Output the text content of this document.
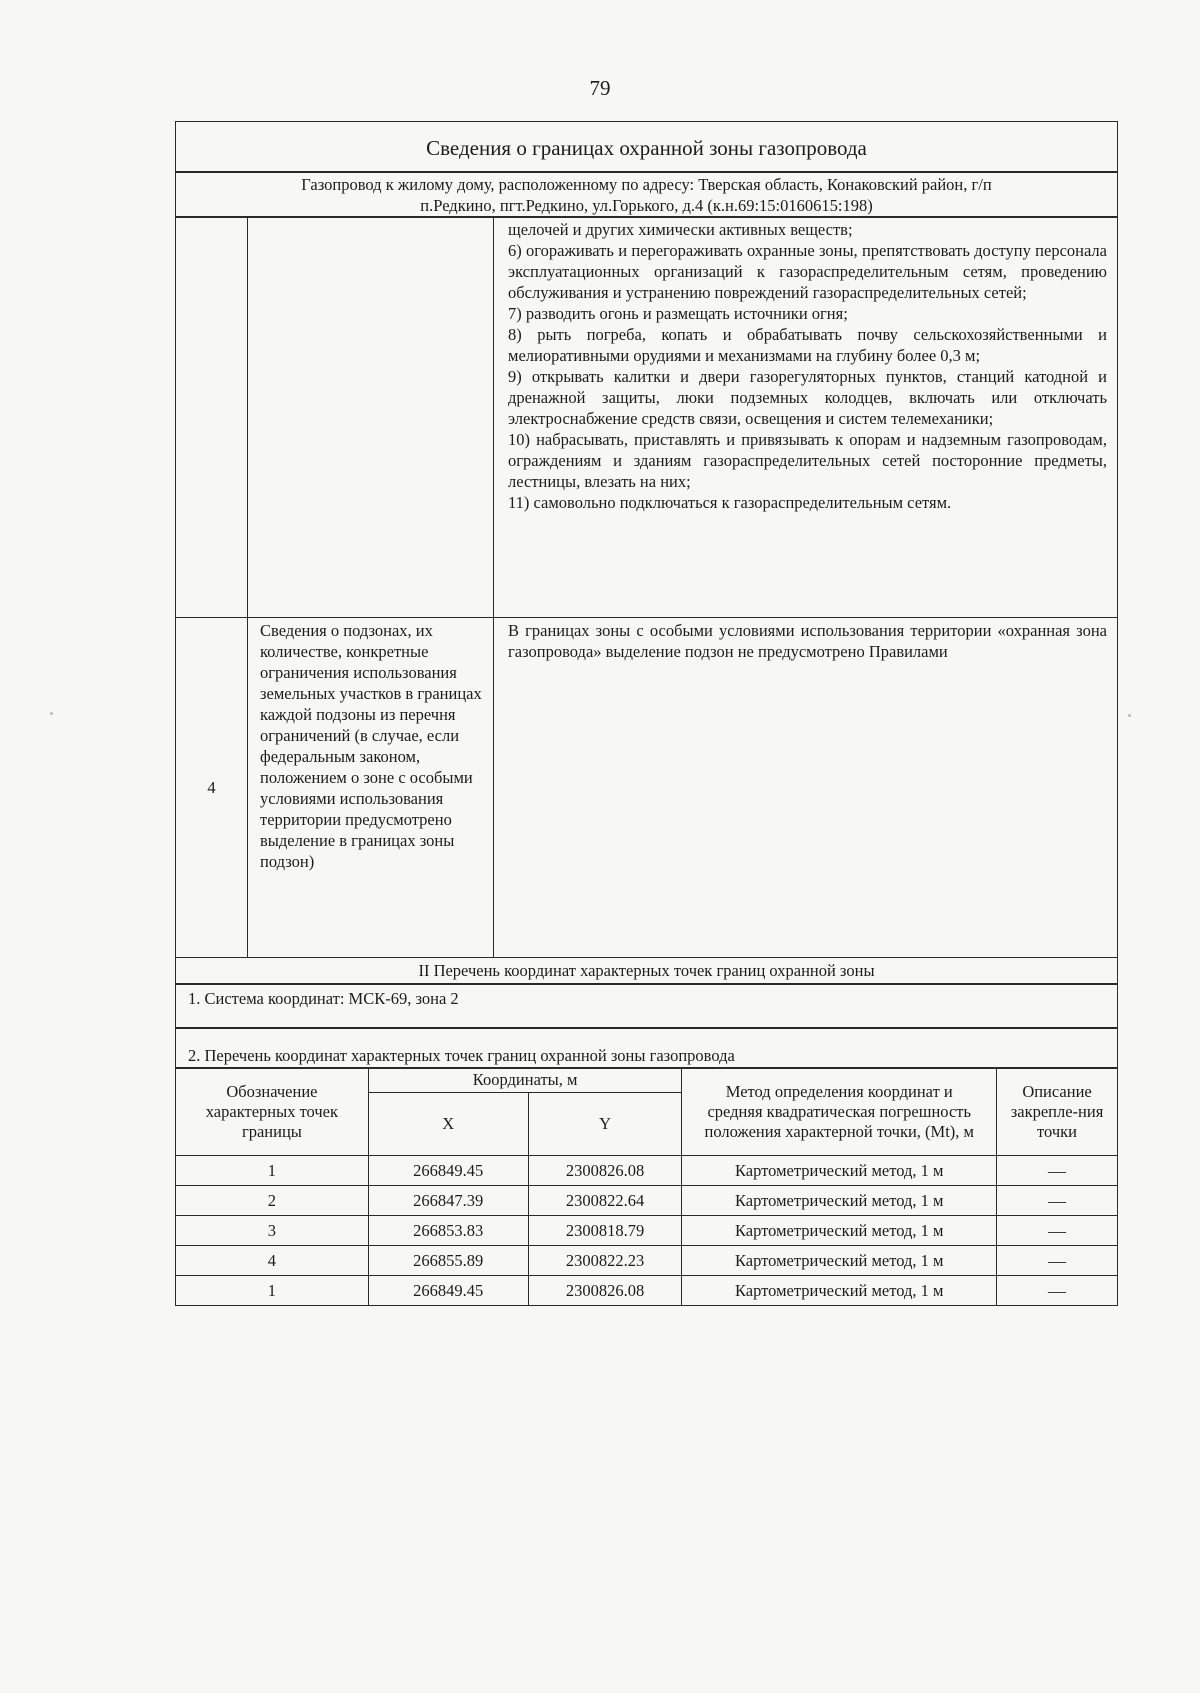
79
Сведения о границах охранной зоны газопровода
Газопровод к жилому дому, расположенному по адресу: Тверская область, Конаковский район, г/п
п.Редкино, пгт.Редкино, ул.Горького, д.4 (к.н.69:15:0160615:198)

щелочей и других химически активных веществ;

6) огораживать и перегораживать охранные зоны, препятствовать доступу персонала эксплуатационных организаций к газораспределительным сетям, проведению обслуживания и устранению повреждений газораспределительных сетей;

7) разводить огонь и размещать источники огня;

8) рыть погреба, копать и обрабатывать почву сельскохозяйственными и мелиоративными орудиями и механизмами на глубину более 0,3 м;

9) открывать калитки и двери газорегуляторных пунктов, станций катодной и дренажной защиты, люки подземных колодцев, включать или отключать электроснабжение средств связи, освещения и систем телемеханики;

10) набрасывать, приставлять и привязывать к опорам и надземным газопроводам, ограждениям и зданиям газораспределительных сетей посторонние предметы, лестницы, влезать на них;

11) самовольно подключаться к газораспределительным сетям.

4
Сведения о подзонах, их количестве, конкретные ограничения использования земельных участков в границах каждой подзоны из перечня ограничений (в случае, если федеральным законом, положением о зоне с особыми условиями использования территории предусмотрено выделение в границах зоны подзон)
В границах зоны с особыми условиями использования территории «охранная зона газопровода» выделение подзон не предусмотрено Правилами
II Перечень координат характерных точек границ охранной зоны
1. Система координат: МСК-69, зона 2
2. Перечень координат характерных точек границ охранной зоны газопровода
Обозначение характерных точек границы	Координаты, м		Метод определения координат и средняя квадратическая погрешность положения характерной точки, (Mt), м	Описание закрепле-ния точки
	X	Y		
1	266849.45	2300826.08	Картометрический метод, 1 м	—
2	266847.39	2300822.64	Картометрический метод, 1 м	—
3	266853.83	2300818.79	Картометрический метод, 1 м	—
4	266855.89	2300822.23	Картометрический метод, 1 м	—
1	266849.45	2300826.08	Картометрический метод, 1 м	—
